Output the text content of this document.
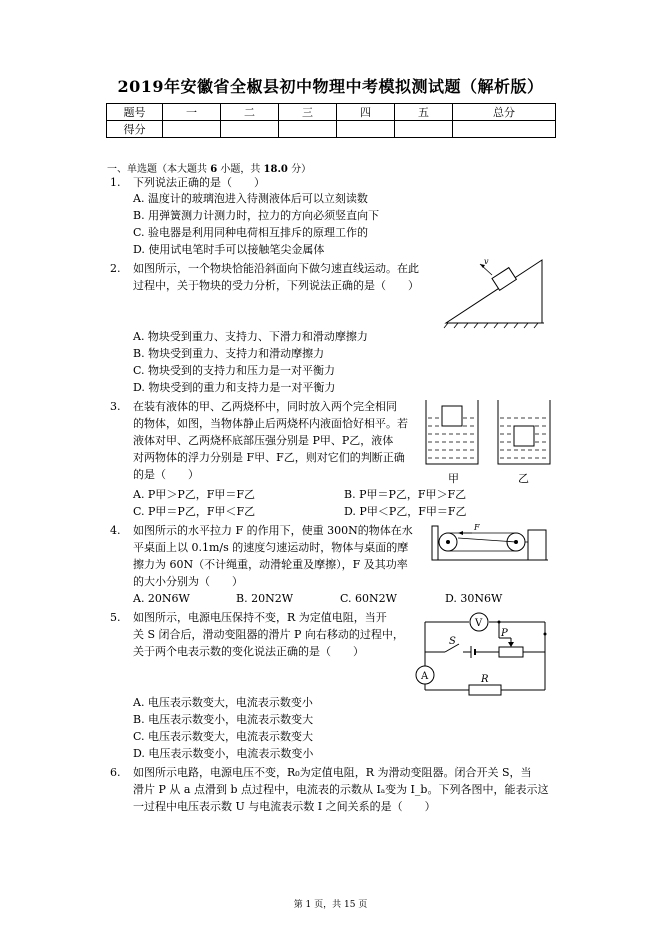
2019年安徽省全椒县初中物理中考模拟测试题（解析版）
题号	一	二	三	四	五	总分
得分						
一、单选题（本大题共 6 小题，共 18.0 分）
1. 下列说法正确的是（　　）
A. 温度计的玻璃泡进入待测液体后可以立刻读数
B. 用弹簧测力计测力时，拉力的方向必须竖直向下
C. 验电器是利用同种电荷相互排斥的原理工作的
D. 使用试电笔时手可以接触笔尖金属体
2. 如图所示，一个物块恰能沿斜面向下做匀速直线运动。在此
过程中，关于物块的受力分析，下列说法正确的是（　　）
v
A. 物块受到重力、支持力、下滑力和滑动摩擦力
B. 物块受到重力、支持力和滑动摩擦力
C. 物块受到的支持力和压力是一对平衡力
D. 物块受到的重力和支持力是一对平衡力
3. 在装有液体的甲、乙两烧杯中，同时放入两个完全相同
的物体，如图，当物体静止后两烧杯内液面恰好相平。若
液体对甲、乙两烧杯底部压强分别是 P甲、P乙，液体
对两物体的浮力分别是 F甲、F乙，则对它们的判断正确
的是（　　）	甲	乙
A. P甲＞P乙，F甲＝F乙	B. P甲＝P乙，F甲＞F乙
C. P甲＝P乙，F甲＜F乙	D. P甲＜P乙，F甲＝F乙
4. 如图所示的水平拉力 F 的作用下，使重 300N的物体在水
平桌面上以 0.1m/s 的速度匀速运动时，物体与桌面的摩
擦力为 60N（不计绳重，动滑轮重及摩擦），F 及其功率
的大小分别为（　　）
F
A. 20N6W	B. 20N2W	C. 60N2W	D. 30N6W
5. 如图所示，电源电压保持不变，R 为定值电阻，当开
关 S 闭合后，滑动变阻器的滑片 P 向右移动的过程中，
关于两个电表示数的变化说法正确的是（　　）
V
A
S
P
R
A. 电压表示数变大，电流表示数变小
B. 电压表示数变小，电流表示数变大
C. 电压表示数变大，电流表示数变大
D. 电压表示数变小，电流表示数变小
6. 如图所示电路，电源电压不变，R₀为定值电阻，R 为滑动变阻器。闭合开关 S，当
滑片 P 从 a 点滑到 b 点过程中，电流表的示数从 Iₐ变为 I_b。下列各图中，能表示这
一过程中电压表示数 U 与电流表示数 I 之间关系的是（　　）
第 1 页，共 15 页
